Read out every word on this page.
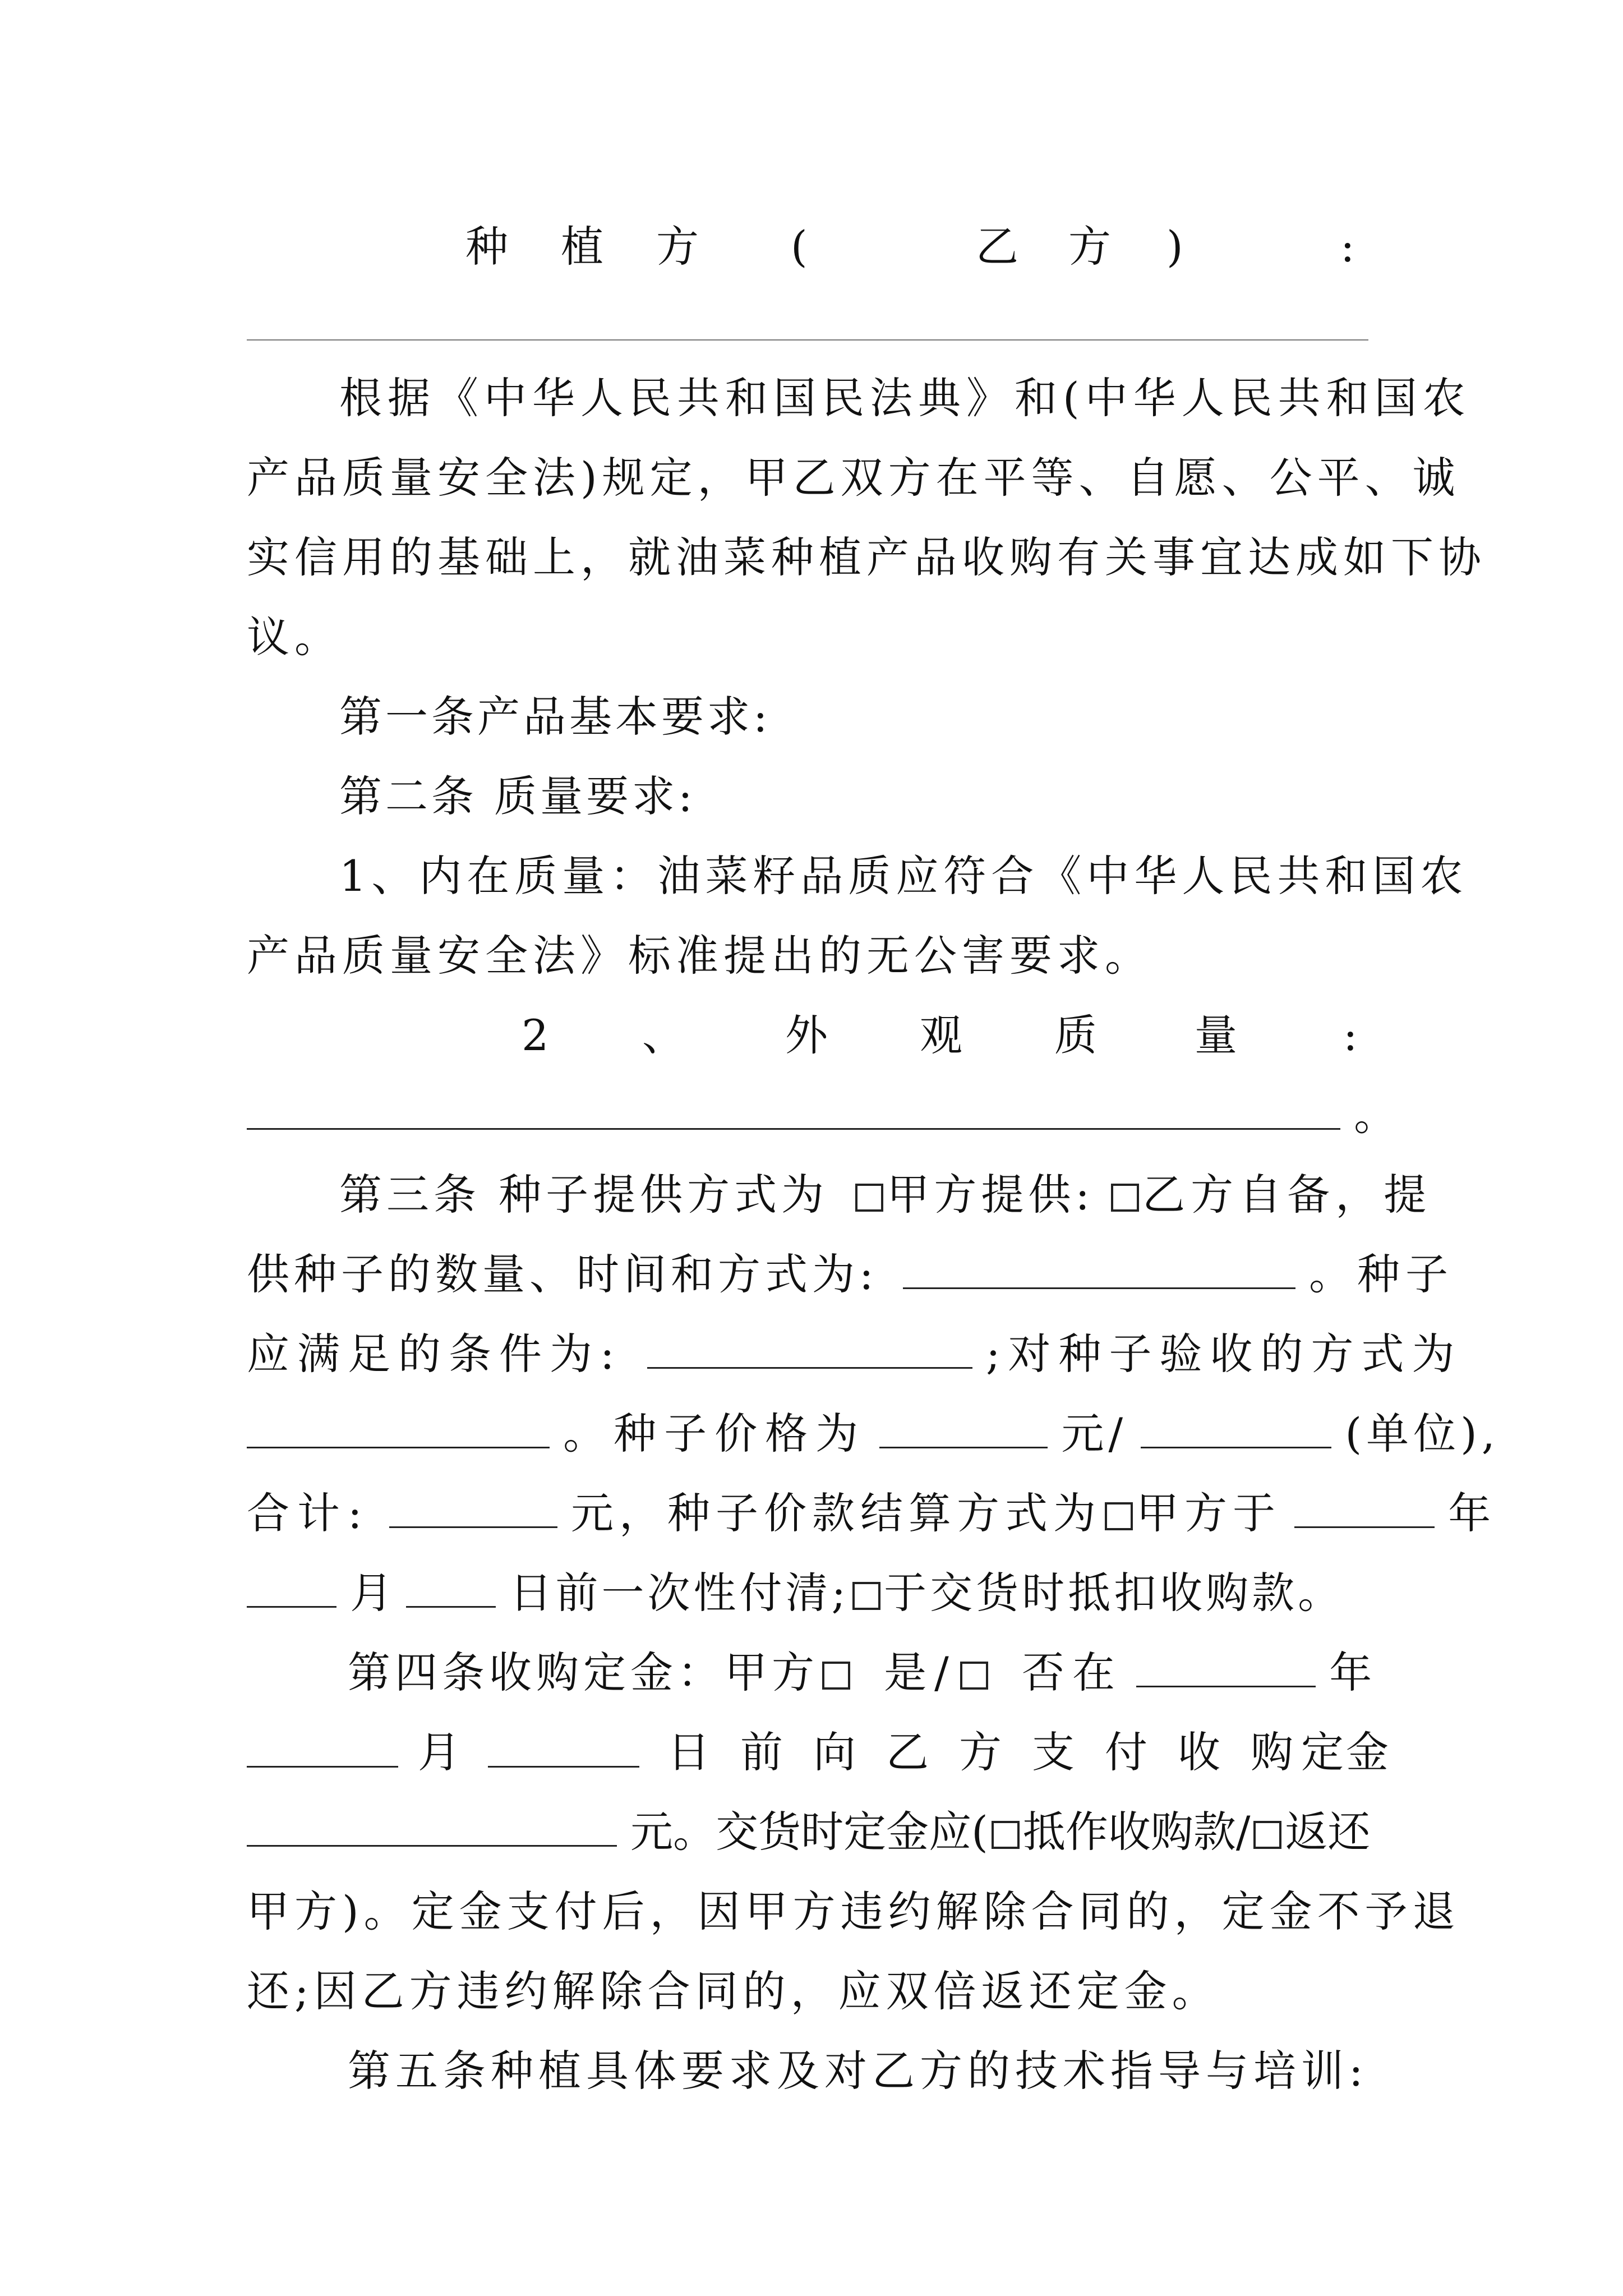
种 植 方 (	乙 方 )	:
根据《中华人民共和国民法典》和(中华人民共和国农
产品质量安全法)规定，甲乙双方在平等、自愿、公平、诚
实信用的基础上，就油菜种植产品收购有关事宜达成如下协
议。
第一条产品基本要求:
第二条 质量要求:
1、内在质量：油菜籽品质应符合《中华人民共和国农
产品质量安全法》标准提出的无公害要求。
2 、 外 观 质 量 :
。
第三条 种子提供方式为 甲方提供: 乙方自备，提
供种子的数量、时间和方式为:	。种子
应满足的条件为:	;对种子验收的方式为
。种子价格为	元/	(单位),
合计:	元，种子价款结算方式为 甲方于	年
月	日前一次性付清; 于交货时抵扣收购款。
第四条收购定金：甲方 是/ 否在	年
月	日 前 向 乙 方 支 付 收 购 定 金
元。交货时定金应( 抵作收购款/ 返还
甲方)。定金支付后，因甲方违约解除合同的，定金不予退
还;因乙方违约解除合同的，应双倍返还定金。
第五条种植具体要求及对乙方的技术指导与培训:
